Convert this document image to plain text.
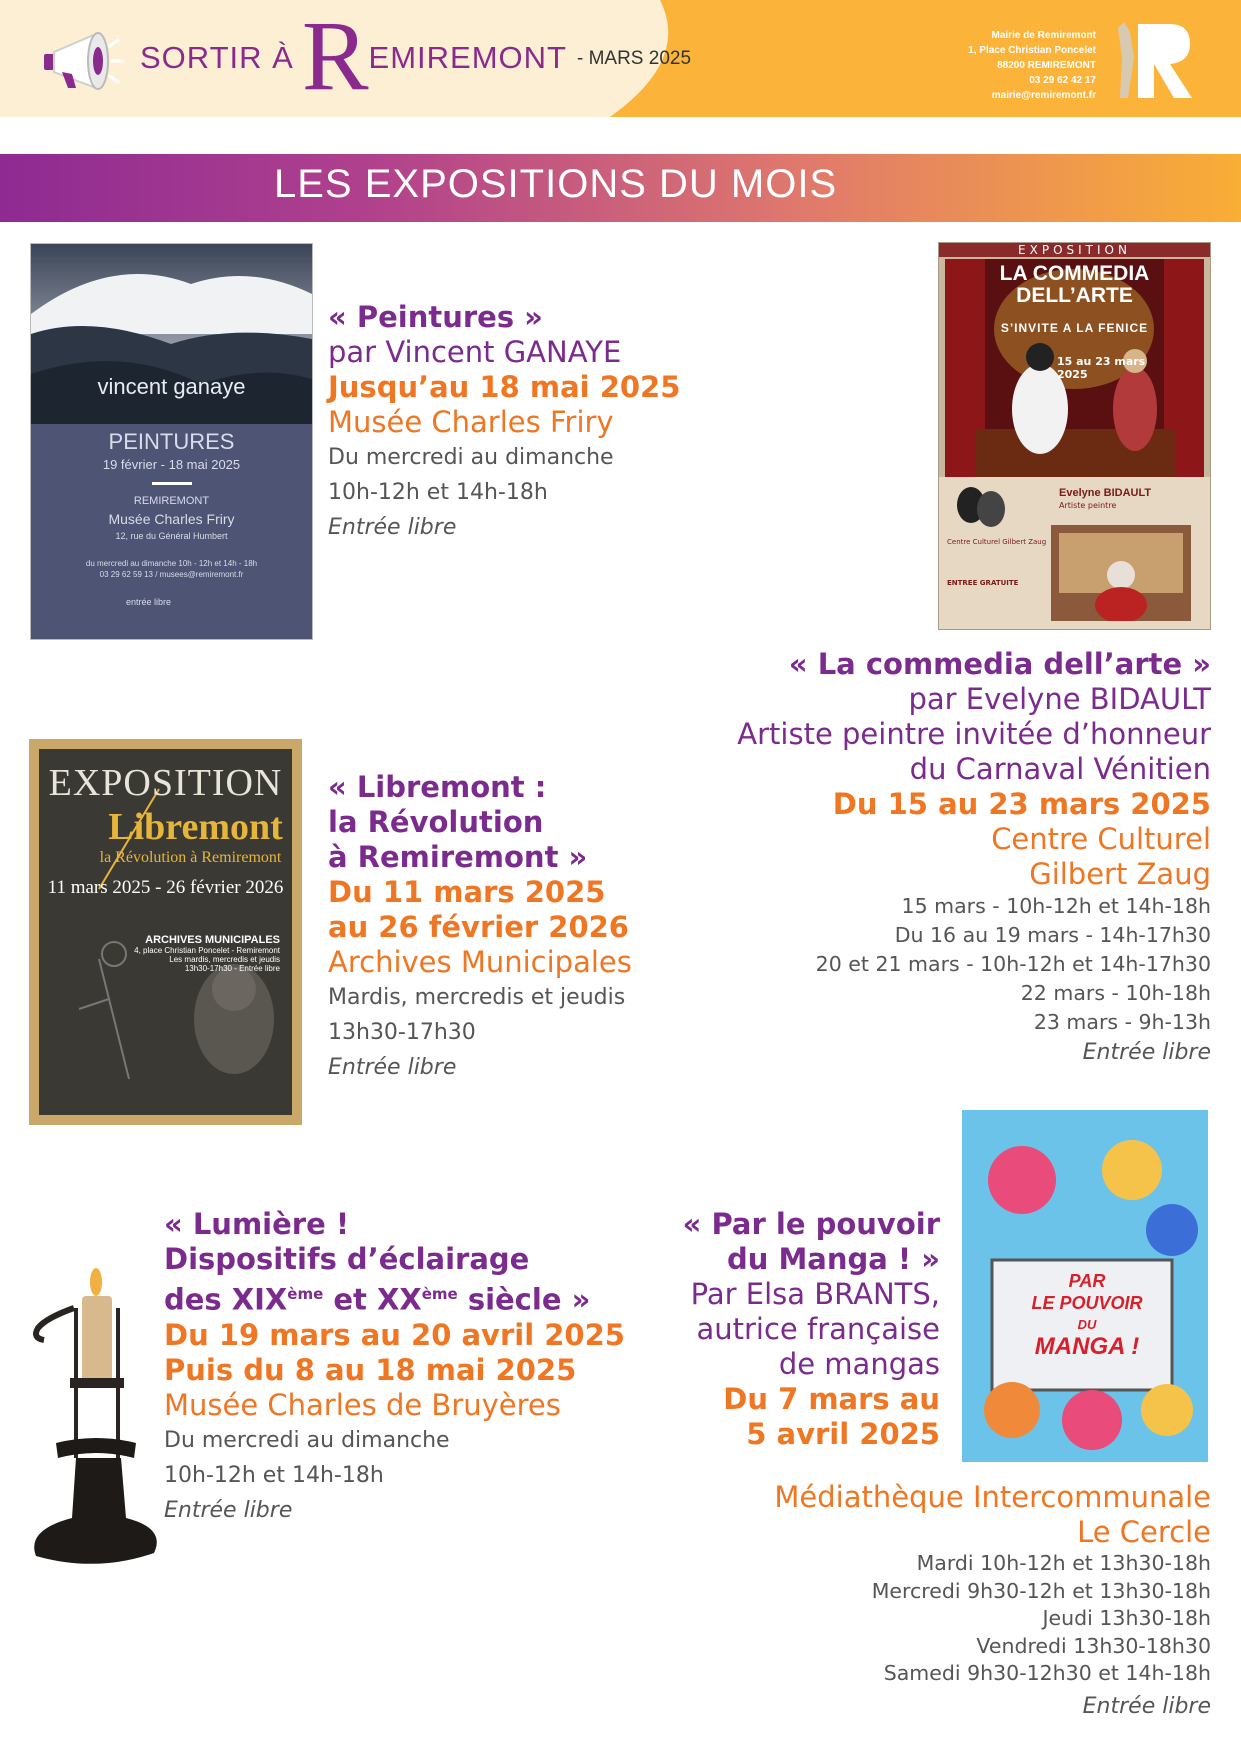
SORTIR À R EMIREMONT - MARS 2025
Mairie de Remiremont
1, Place Christian Poncelet
88200 REMIREMONT
03 29 62 42 17
mairie@remiremont.fr
LES EXPOSITIONS DU MOIS
vincent ganaye
PEINTURES
19 février - 18 mai 2025
REMIREMONT
Musée Charles Friry
12, rue du Général Humbert
du mercredi au dimanche 10h - 12h et 14h - 18h
03 29 62 59 13 / musees@remiremont.fr
entrée libre
« Peintures »
par Vincent GANAYE
Jusqu’au 18 mai 2025
Musée Charles Friry
Du mercredi au dimanche
10h-12h et 14h-18h
Entrée libre
EXPOSITION
LA COMMEDIA
DELL’ARTE
S’INVITE A LA FENICE
15 au 23 mars 2025
Evelyne BIDAULT
Artiste peintre
Centre Culturel Gilbert Zaug
ENTREE GRATUITE
« La commedia dell’arte »
par Evelyne BIDAULT
Artiste peintre invitée d’honneur
du Carnaval Vénitien
Du 15 au 23 mars 2025
Centre Culturel
Gilbert Zaug
15 mars - 10h-12h et 14h-18h
Du 16 au 19 mars - 14h-17h30
20 et 21 mars - 10h-12h et 14h-17h30
22 mars - 10h-18h
23 mars - 9h-13h
Entrée libre
EXPOSITION
Libremont
la Révolution à Remiremont
11 mars 2025 - 26 février 2026
ARCHIVES MUNICIPALES
4, place Christian Poncelet - Remiremont
Les mardis, mercredis et jeudis
13h30-17h30 - Entrée libre
« Libremont :
la Révolution
à Remiremont »
Du 11 mars 2025
au 26 février 2026
Archives Municipales
Mardis, mercredis et jeudis
13h30-17h30
Entrée libre
« Lumière !
Dispositifs d’éclairage
des XIXème et XXème siècle »
Du 19 mars au 20 avril 2025
Puis du 8 au 18 mai 2025
Musée Charles de Bruyères
Du mercredi au dimanche
10h-12h et 14h-18h
Entrée libre
PAR
LE POUVOIR
DU
MANGA !
« Par le pouvoir
du Manga ! »
Par Elsa BRANTS,
autrice française
de mangas
Du 7 mars au
5 avril 2025
Médiathèque Intercommunale
Le Cercle
Mardi 10h-12h et 13h30-18h
Mercredi 9h30-12h et 13h30-18h
Jeudi 13h30-18h
Vendredi 13h30-18h30
Samedi 9h30-12h30 et 14h-18h
Entrée libre
